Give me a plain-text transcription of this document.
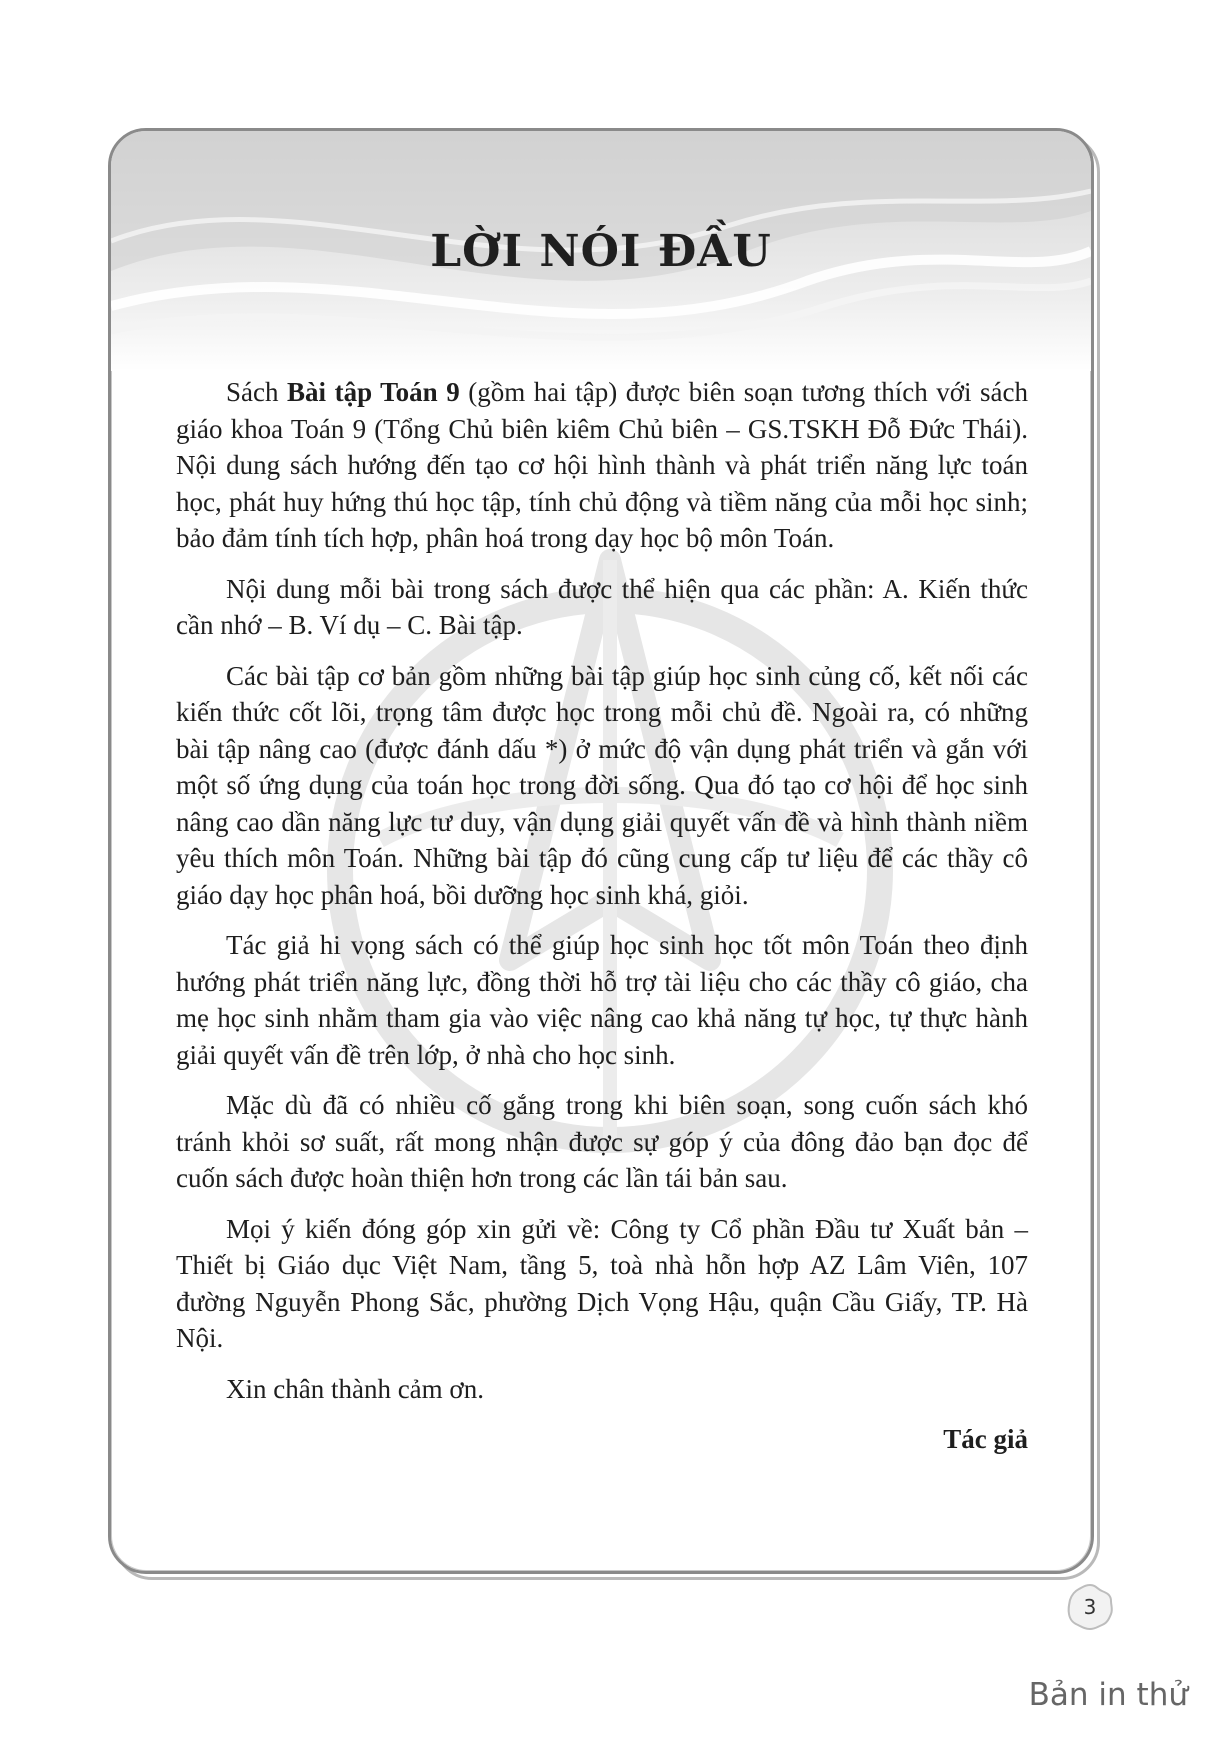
LỜI NÓI ĐẦU

Sách Bài tập Toán 9 (gồm hai tập) được biên soạn tương thích với sách giáo khoa Toán 9 (Tổng Chủ biên kiêm Chủ biên – GS.TSKH Đỗ Đức Thái). Nội dung sách hướng đến tạo cơ hội hình thành và phát triển năng lực toán học, phát huy hứng thú học tập, tính chủ động và tiềm năng của mỗi học sinh; bảo đảm tính tích hợp, phân hoá trong dạy học bộ môn Toán.

Nội dung mỗi bài trong sách được thể hiện qua các phần: A. Kiến thức cần nhớ – B. Ví dụ – C. Bài tập.

Các bài tập cơ bản gồm những bài tập giúp học sinh củng cố, kết nối các kiến thức cốt lõi, trọng tâm được học trong mỗi chủ đề. Ngoài ra, có những bài tập nâng cao (được đánh dấu *) ở mức độ vận dụng phát triển và gắn với một số ứng dụng của toán học trong đời sống. Qua đó tạo cơ hội để học sinh nâng cao dần năng lực tư duy, vận dụng giải quyết vấn đề và hình thành niềm yêu thích môn Toán. Những bài tập đó cũng cung cấp tư liệu để các thầy cô giáo dạy học phân hoá, bồi dưỡng học sinh khá, giỏi.

Tác giả hi vọng sách có thể giúp học sinh học tốt môn Toán theo định hướng phát triển năng lực, đồng thời hỗ trợ tài liệu cho các thầy cô giáo, cha mẹ học sinh nhằm tham gia vào việc nâng cao khả năng tự học, tự thực hành giải quyết vấn đề trên lớp, ở nhà cho học sinh.

Mặc dù đã có nhiều cố gắng trong khi biên soạn, song cuốn sách khó tránh khỏi sơ suất, rất mong nhận được sự góp ý của đông đảo bạn đọc để cuốn sách được hoàn thiện hơn trong các lần tái bản sau.

Mọi ý kiến đóng góp xin gửi về: Công ty Cổ phần Đầu tư Xuất bản – Thiết bị Giáo dục Việt Nam, tầng 5, toà nhà hỗn hợp AZ Lâm Viên, 107 đường Nguyễn Phong Sắc, phường Dịch Vọng Hậu, quận Cầu Giấy, TP. Hà Nội.

Xin chân thành cảm ơn.

Tác giả

3
Bản in thử
